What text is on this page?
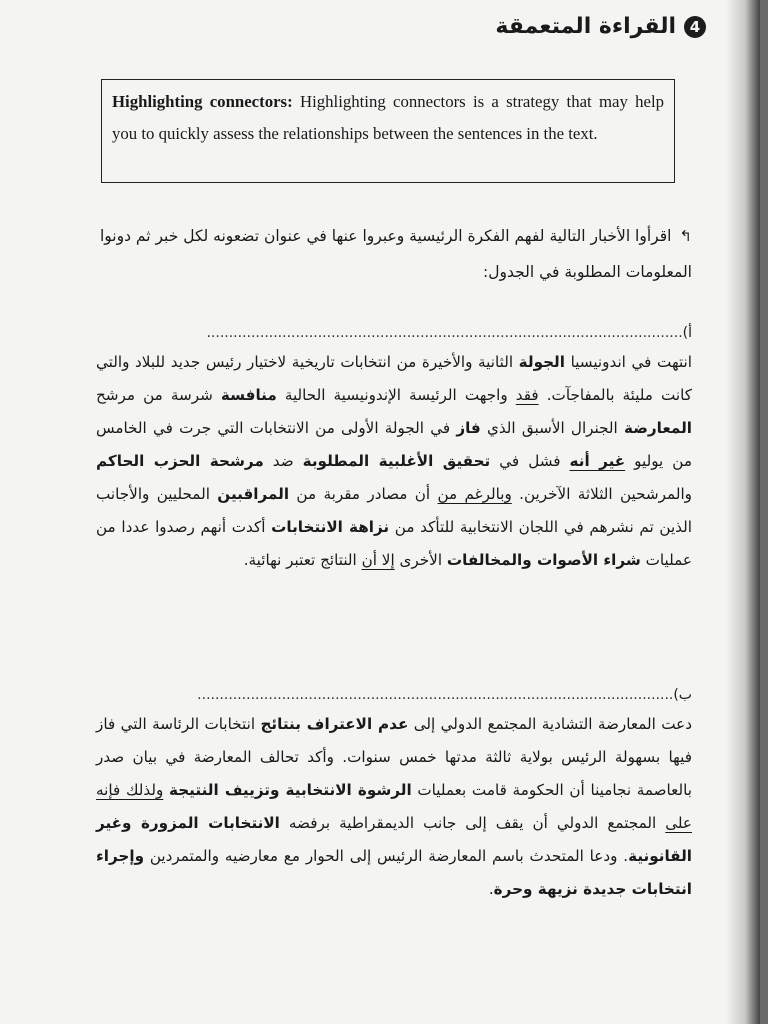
4
القراءة المتعمقة
Highlighting connectors: Highlighting connectors is a strategy that may help you to quickly assess the relationships between the sentences in the text.
↰اقرأوا الأخبار التالية لفهم الفكرة الرئيسية وعبروا عنها في عنوان تضعونه لكل خبر ثم دونوا المعلومات المطلوبة في الجدول:
أ)...........................................................................................................
انتهت في اندونيسيا الجولة الثانية والأخيرة من انتخابات تاريخية لاختيار رئيس جديد للبلاد والتي كانت مليئة بالمفاجآت. فقد واجهت الرئيسة الإندونيسية الحالية منافسة شرسة من مرشح المعارضة الجنرال الأسبق الذي فاز في الجولة الأولى من الانتخابات التي جرت في الخامس من يوليو غير أنه فشل في تحقيق الأغلبية المطلوبة ضد مرشحة الحزب الحاكم والمرشحين الثلاثة الآخرين. وبالرغم من أن مصادر مقربة من المراقبين المحليين والأجانب الذين تم نشرهم في اللجان الانتخابية للتأكد من نزاهة الانتخابات أكدت أنهم رصدوا عددا من عمليات شراء الأصوات والمخالفات الأخرى إلا أن النتائج تعتبر نهائية.
ب)...........................................................................................................
دعت المعارضة التشادية المجتمع الدولي إلى عدم الاعتراف بنتائج انتخابات الرئاسة التي فاز فيها بسهولة الرئيس بولاية ثالثة مدتها خمس سنوات. وأكد تحالف المعارضة في بيان صدر بالعاصمة نجامينا أن الحكومة قامت بعمليات الرشوة الانتخابية وتزييف النتيجة ولذلك فإنه على المجتمع الدولي أن يقف إلى جانب الديمقراطية برفضه الانتخابات المزورة وغير القانونية. ودعا المتحدث باسم المعارضة الرئيس إلى الحوار مع معارضيه والمتمردين وإجراء انتخابات جديدة نزيهة وحرة.
